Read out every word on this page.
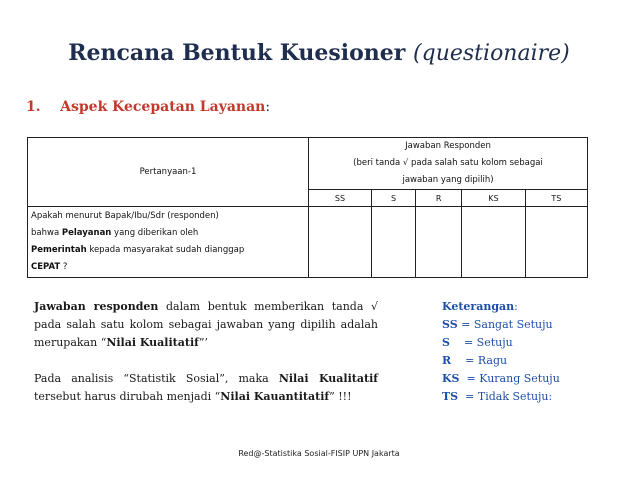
Rencana Bentuk Kuesioner (questionaire)
1. Aspek Kecepatan Layanan:
Pertanyaan-1	Jawaban Responden
(beri tanda √ pada salah satu kolom sebagai
jawaban yang dipilih)				

	SS	S	R	KS	TS

Apakah menurut Bapak/Ibu/Sdr (responden)
bahwa Pelayanan yang diberikan oleh
Pemerintah kepada masyarakat sudah dianggap
CEPAT ?					

Jawaban responden dalam bentuk memberikan tanda √ pada salah satu kolom sebagai jawaban yang dipilih adalah merupakan “Nilai Kualitatif”’

Pada analisis “Statistik Sosial”, maka Nilai Kualitatif tersebut harus dirubah menjadi “Nilai Kauantitatif” !!!

Keterangan:
SS = Sangat Setuju
S    = Setuju
R    = Ragu
KS  = Kurang Setuju
TS  = Tidak Setuju:
Red@-Statistika Sosial-FISIP UPN Jakarta
